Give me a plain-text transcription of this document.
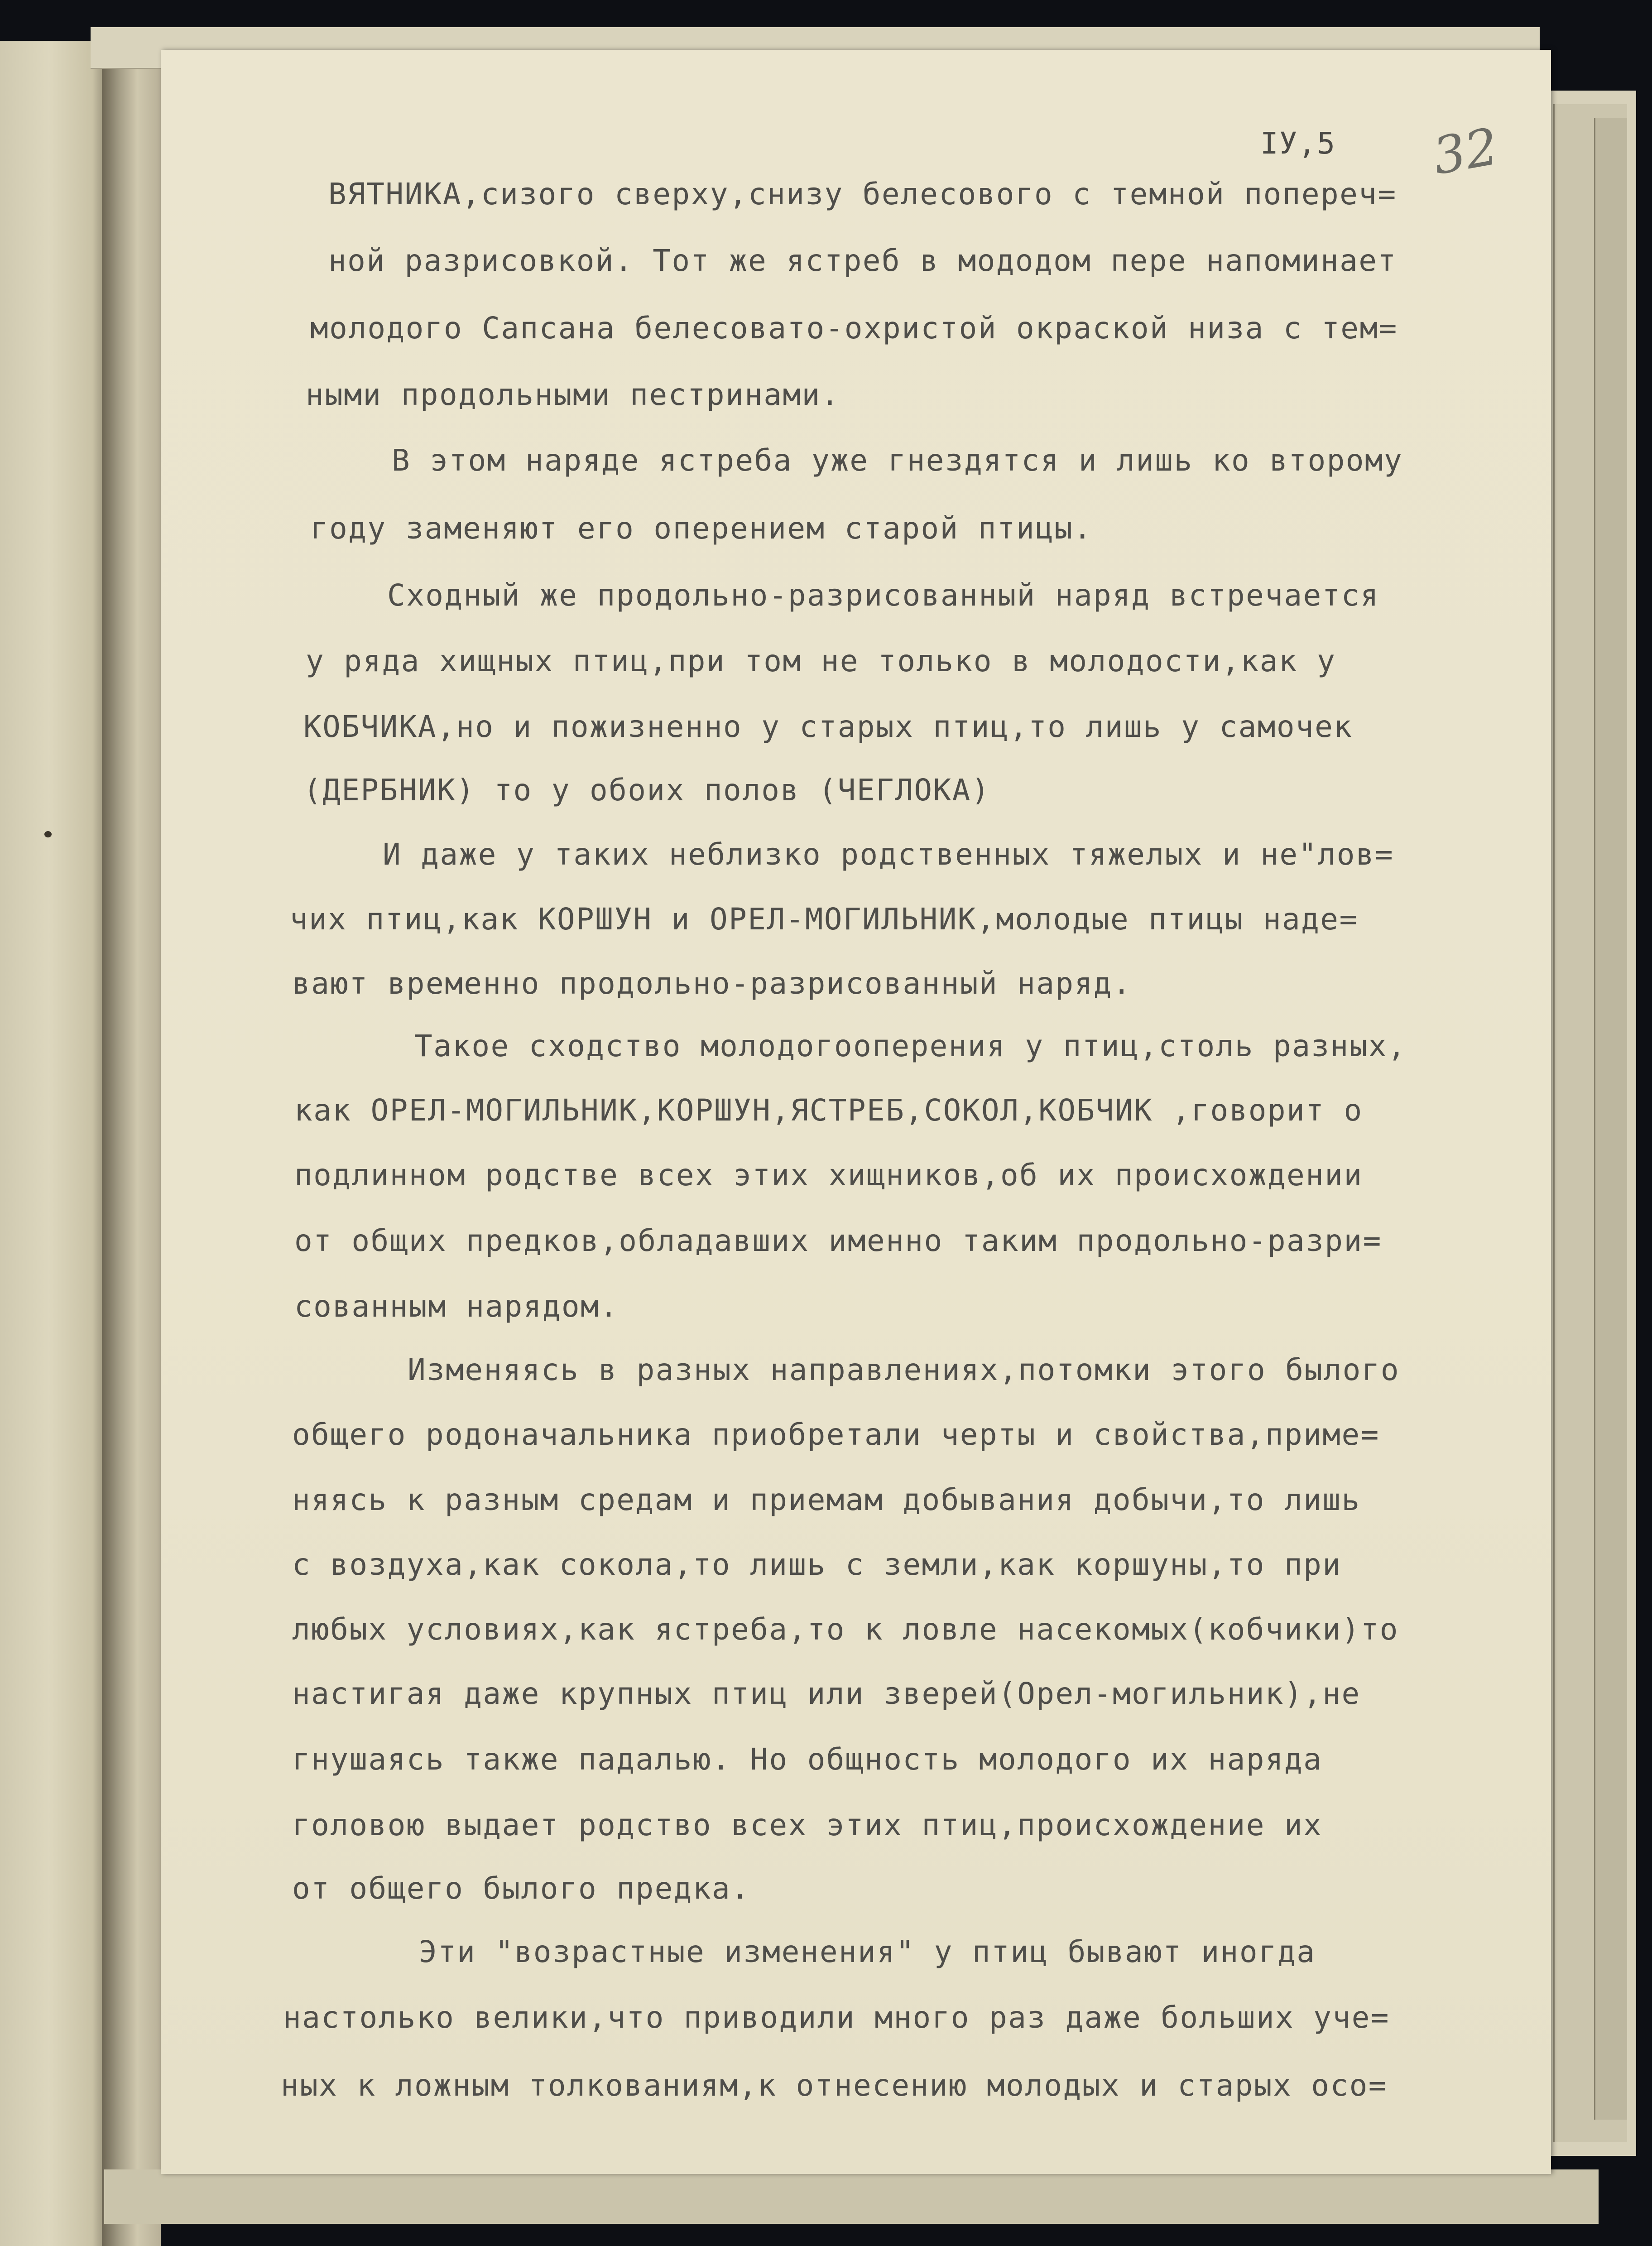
IУ,5 32

ВЯТНИКА,сизого сверху,снизу белесового с темной попереч=

ной разрисовкой. Тот же ястреб в мододом пере напоминает

молодого Сапсана белесовато-охристой окраской низа с тем=

ными продольными пестринами.

В этом наряде ястреба уже гнездятся и лишь ко второму

году заменяют его оперением старой птицы.

Сходный же продольно-разрисованный наряд встречается

у ряда хищных птиц,при том не только в молодости,как у

КОБЧИКА,но и пожизненно у старых птиц,то лишь у самочек

(ДЕРБНИК) то у обоих полов (ЧЕГЛОКА)

И даже у таких неблизко родственных тяжелых и не"лов=

чих птиц,как КОРШУН и ОРЕЛ-МОГИЛЬНИК,молодые птицы наде=

вают временно продольно-разрисованный наряд.

Такое сходство молодогооперения у птиц,столь разных,

как ОРЕЛ-МОГИЛЬНИК,КОРШУН,ЯСТРЕБ,СОКОЛ,КОБЧИК ,говорит о

подлинном родстве всех этих хищников,об их происхождении

от общих предков,обладавших именно таким продольно-разри=

сованным нарядом.

Изменяясь в разных направлениях,потомки этого былого

общего родоначальника приобретали черты и свойства,приме=

няясь к разным средам и приемам добывания добычи,то лишь

с воздуха,как сокола,то лишь с земли,как коршуны,то при

любых условиях,как ястреба,то к ловле насекомых(кобчики)то

настигая даже крупных птиц или зверей(Орел-могильник),не

гнушаясь также падалью. Но общность молодого их наряда

головою выдает родство всех этих птиц,происхождение их

от общего былого предка.

Эти "возрастные изменения" у птиц бывают иногда

настолько велики,что приводили много раз даже больших уче=

ных к ложным толкованиям,к отнесению молодых и старых осо=
